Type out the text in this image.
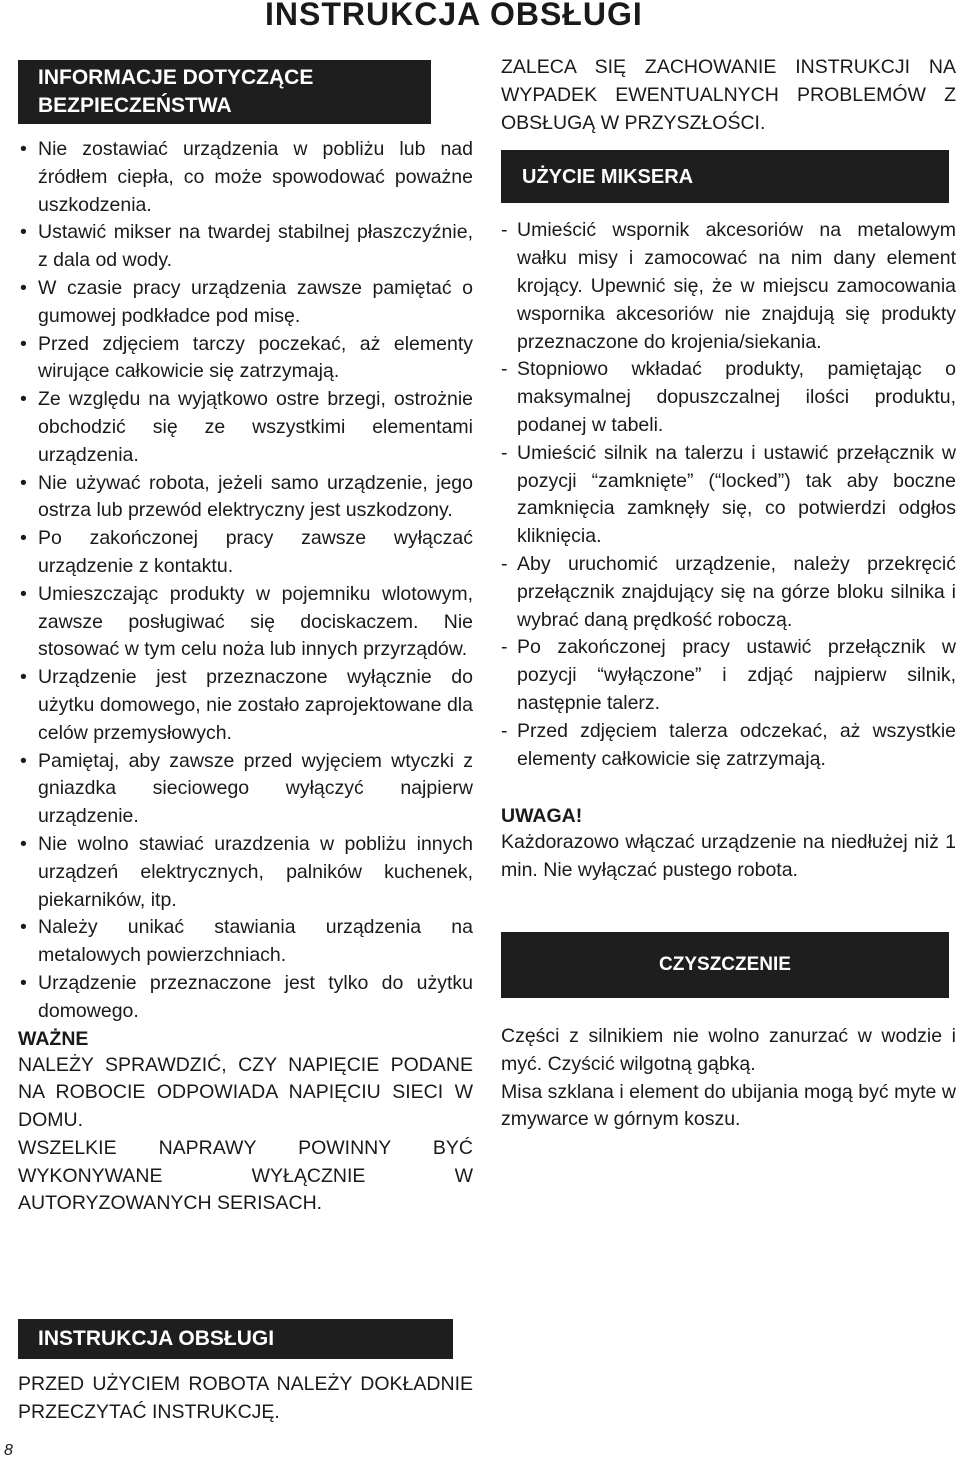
INSTRUKCJA OBSŁUGI
INFORMACJE DOTYCZĄCE
BEZPIECZEŃSTWA
• Nie zostawiać urządzenia w pobliżu lub nad źródłem ciepła, co może spowodować poważne uszkodzenia.
• Ustawić mikser na twardej stabilnej płaszczyźnie, z dala od wody.
• W czasie pracy urządzenia zawsze pamiętać o gumowej podkładce pod misę.
• Przed zdjęciem tarczy poczekać, aż elementy wirujące całkowicie się zatrzymają.
• Ze względu na wyjątkowo ostre brzegi, ostrożnie obchodzić się ze wszystkimi elementami urządzenia.
• Nie używać robota, jeżeli samo urządzenie, jego ostrza lub przewód elektryczny jest uszkodzony.
• Po zakończonej pracy zawsze wyłączać urządzenie z kontaktu.
• Umieszczając produkty w pojemniku wlotowym, zawsze posługiwać się dociskaczem. Nie stosować w tym celu noża lub innych przyrządów.
• Urządzenie jest przeznaczone wyłącznie do użytku domowego, nie zostało zaprojektowane dla celów przemysłowych.
• Pamiętaj, aby zawsze przed wyjęciem wtyczki z gniazdka sieciowego wyłączyć najpierw urządzenie.
• Nie wolno stawiać urazdzenia w pobliżu innych urządzeń elektrycznych, palników kuchenek, piekarników, itp.
• Należy unikać stawiania urządzenia na metalowych powierzchniach.
• Urządzenie przeznaczone jest tylko do użytku domowego.
WAŻNE

NALEŻY SPRAWDZIĆ, CZY NAPIĘCIE PODANE NA ROBOCIE ODPOWIADA NAPIĘCIU SIECI W DOMU.

WSZELKIE NAPRAWY POWINNY BYĆ WYKONYWANE WYŁĄCZNIE W AUTORYZOWANYCH SERISACH.

INSTRUKCJA OBSŁUGI

PRZED UŻYCIEM ROBOTA NALEŻY DOKŁADNIE PRZECZYTAĆ INSTRUKCJĘ.

ZALECA SIĘ ZACHOWANIE INSTRUKCJI NA WYPADEK EWENTUALNYCH PROBLEMÓW Z OBSŁUGĄ W PRZYSZŁOŚCI.

UŻYCIE MIKSERA
- Umieścić wspornik akcesoriów na metalowym wałku misy i zamocować na nim dany element krojący. Upewnić się, że w miejscu zamocowania wspornika akcesoriów nie znajdują się produkty przeznaczone do krojenia/siekania.
- Stopniowo wkładać produkty, pamiętając o maksymalnej dopuszczalnej ilości produktu, podanej w tabeli.
- Umieścić silnik na talerzu i ustawić przełącznik w pozycji “zamknięte” (“locked”) tak aby boczne zamknięcia zamknęły się, co potwierdzi odgłos kliknięcia.
- Aby uruchomić urządzenie, należy przekręcić przełącznik znajdujący się na górze bloku silnika i wybrać daną prędkość roboczą.
- Po zakończonej pracy ustawić przełącznik w pozycji “wyłączone” i zdjąć najpierw silnik, następnie talerz.
- Przed zdjęciem talerza odczekać, aż wszystkie elementy całkowicie się zatrzymają.
UWAGA!

Każdorazowo włączać urządzenie na niedłużej niż 1 min. Nie wyłączać pustego robota.

CZYSZCZENIE

Części z silnikiem nie wolno zanurzać w wodzie i myć. Czyścić wilgotną gąbką.

Misa szklana i element do ubijania mogą być myte w zmywarce w górnym koszu.

8
